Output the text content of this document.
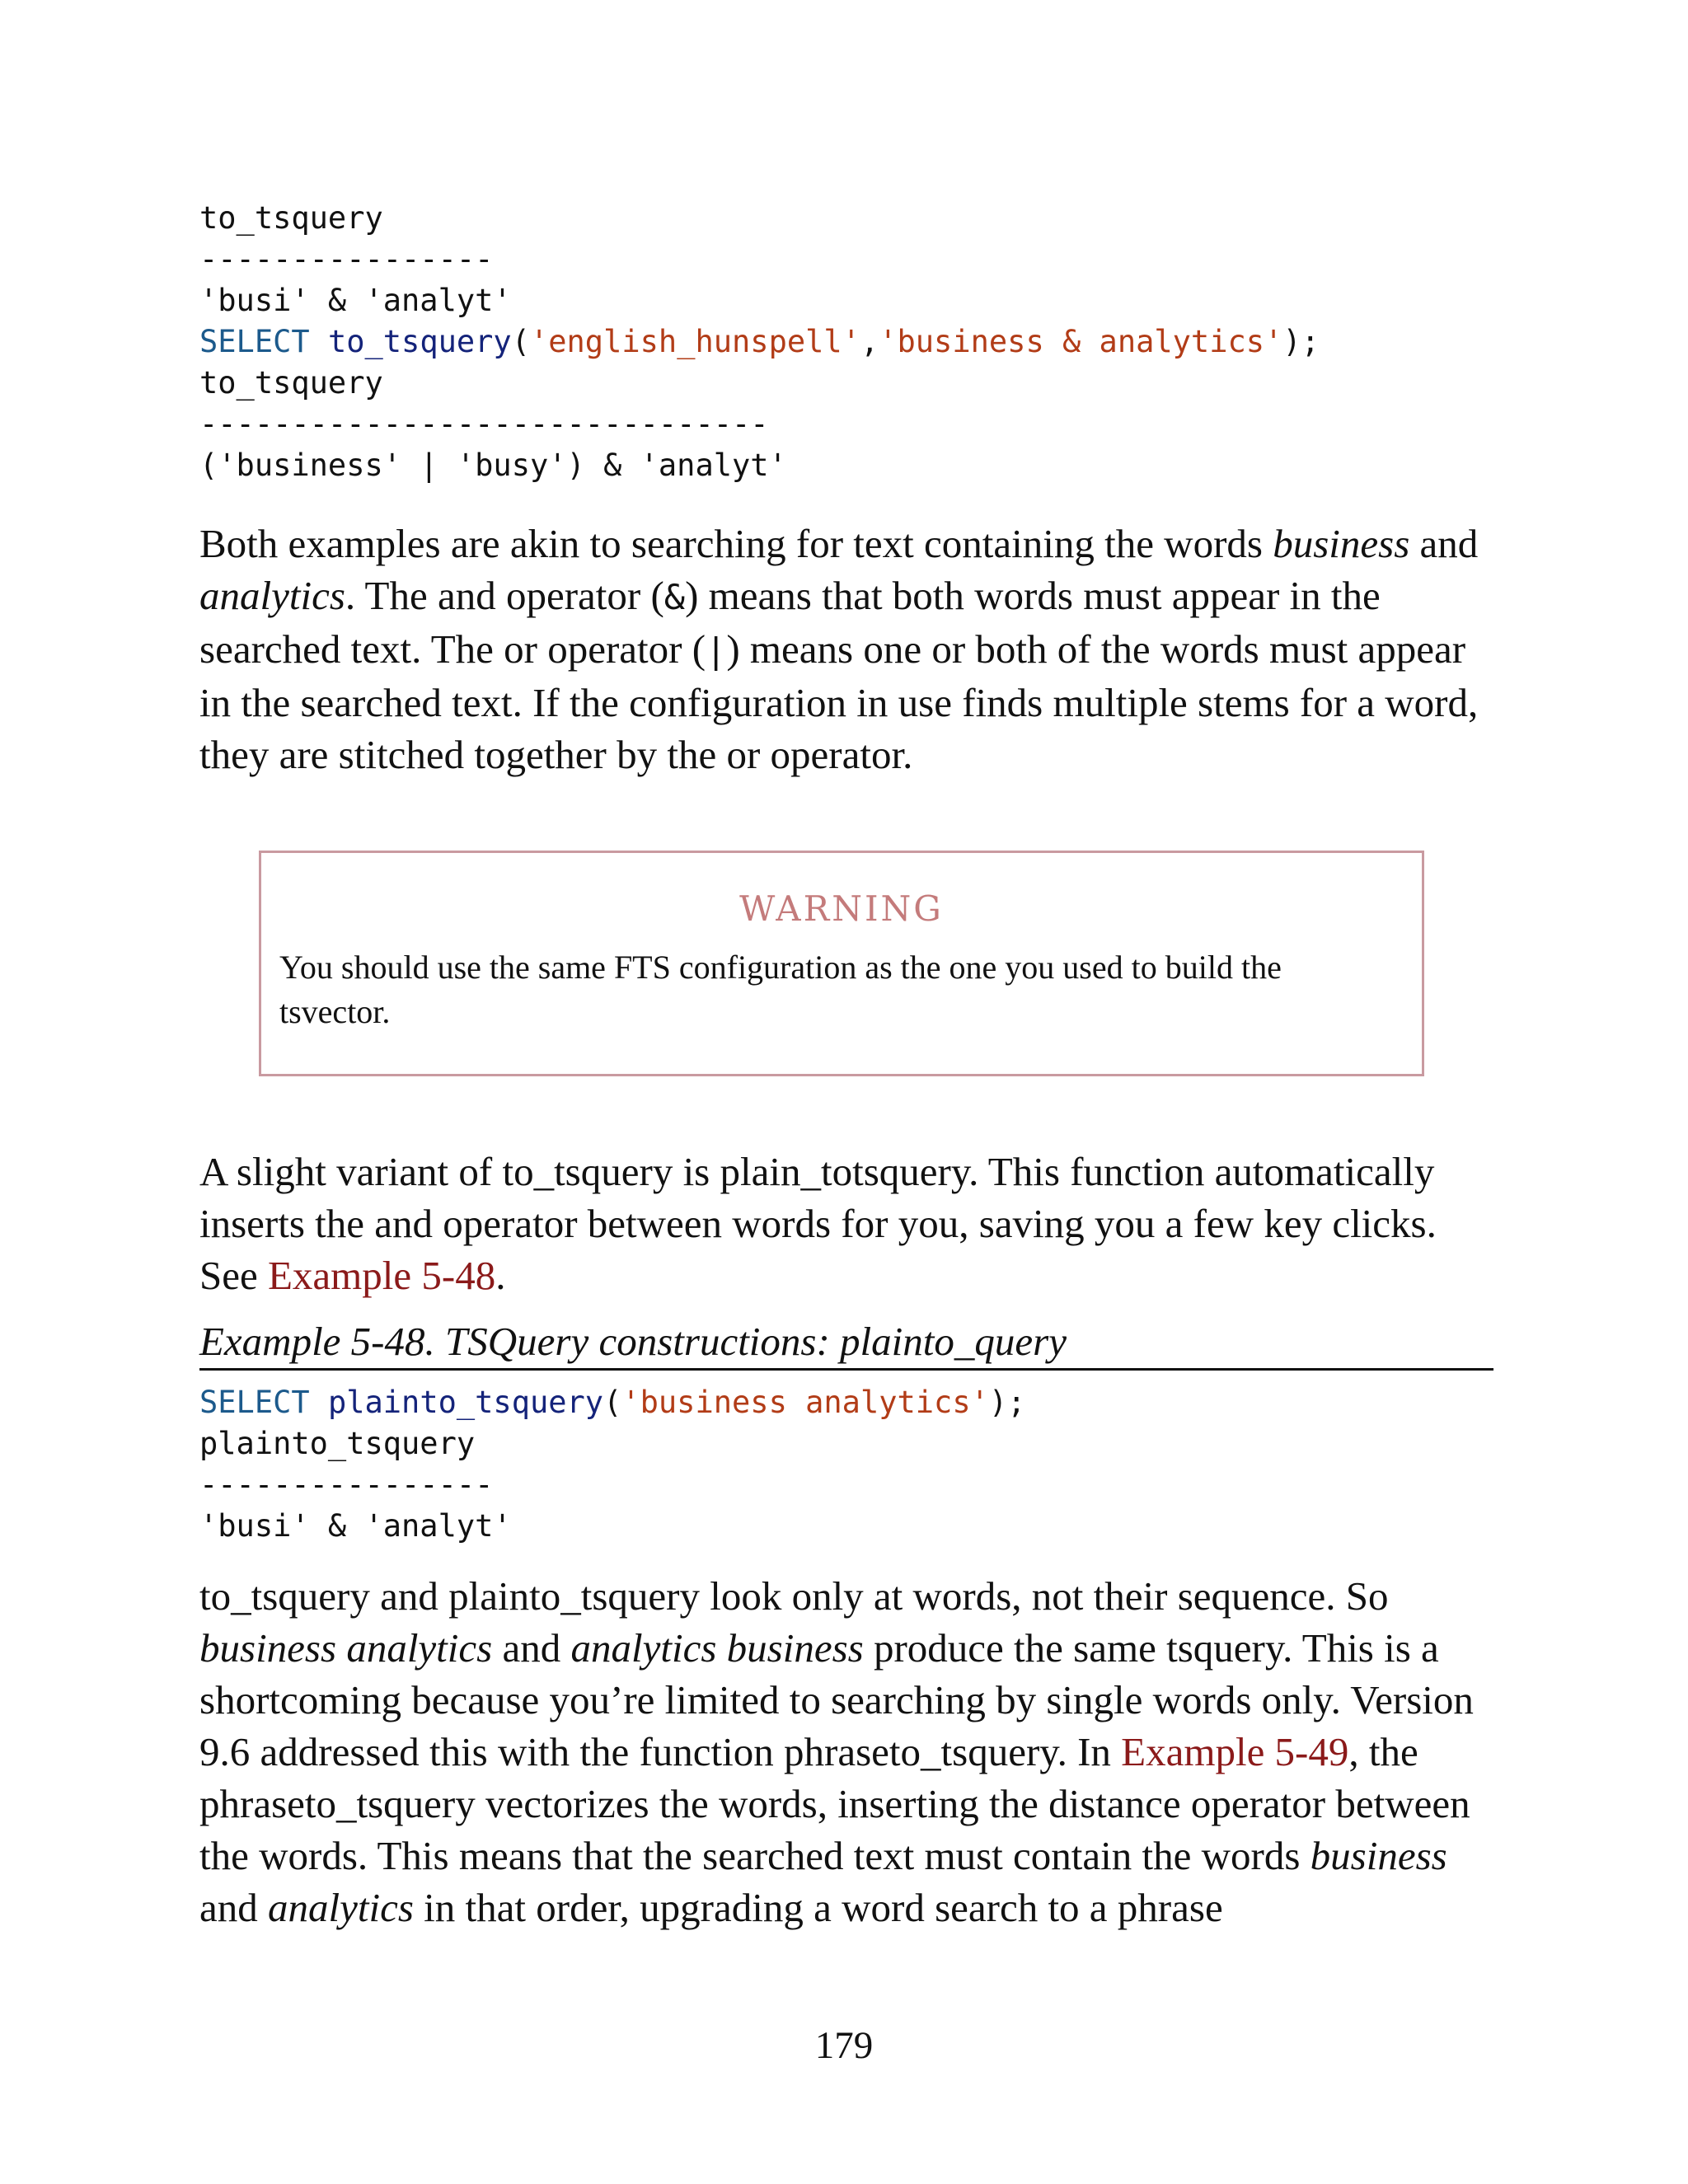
to_tsquery
----------------
'busi' & 'analyt'
SELECT to_tsquery('english_hunspell','business & analytics');
to_tsquery
-------------------------------
('business' | 'busy') & 'analyt'

Both examples are akin to searching for text containing the words business and analytics. The and operator (&) means that both words must appear in the searched text. The or operator (|) means one or both of the words must appear in the searched text. If the configuration in use finds multiple stems for a word, they are stitched together by the or operator.

WARNING
You should use the same FTS configuration as the one you used to build the tsvector.

A slight variant of to_tsquery is plain_totsquery. This function automatically inserts the and operator between words for you, saving you a few key clicks. See Example 5-48.

Example 5-48. TSQuery constructions: plainto_query
SELECT plainto_tsquery('business analytics');
plainto_tsquery
----------------
'busi' & 'analyt'

to_tsquery and plainto_tsquery look only at words, not their sequence. So business analytics and analytics business produce the same tsquery. This is a shortcoming because you’re limited to searching by single words only. Version 9.6 addressed this with the function phraseto_tsquery. In Example 5-49, the phraseto_tsquery vectorizes the words, inserting the distance operator between the words. This means that the searched text must contain the words business and analytics in that order, upgrading a word search to a phrase

179
